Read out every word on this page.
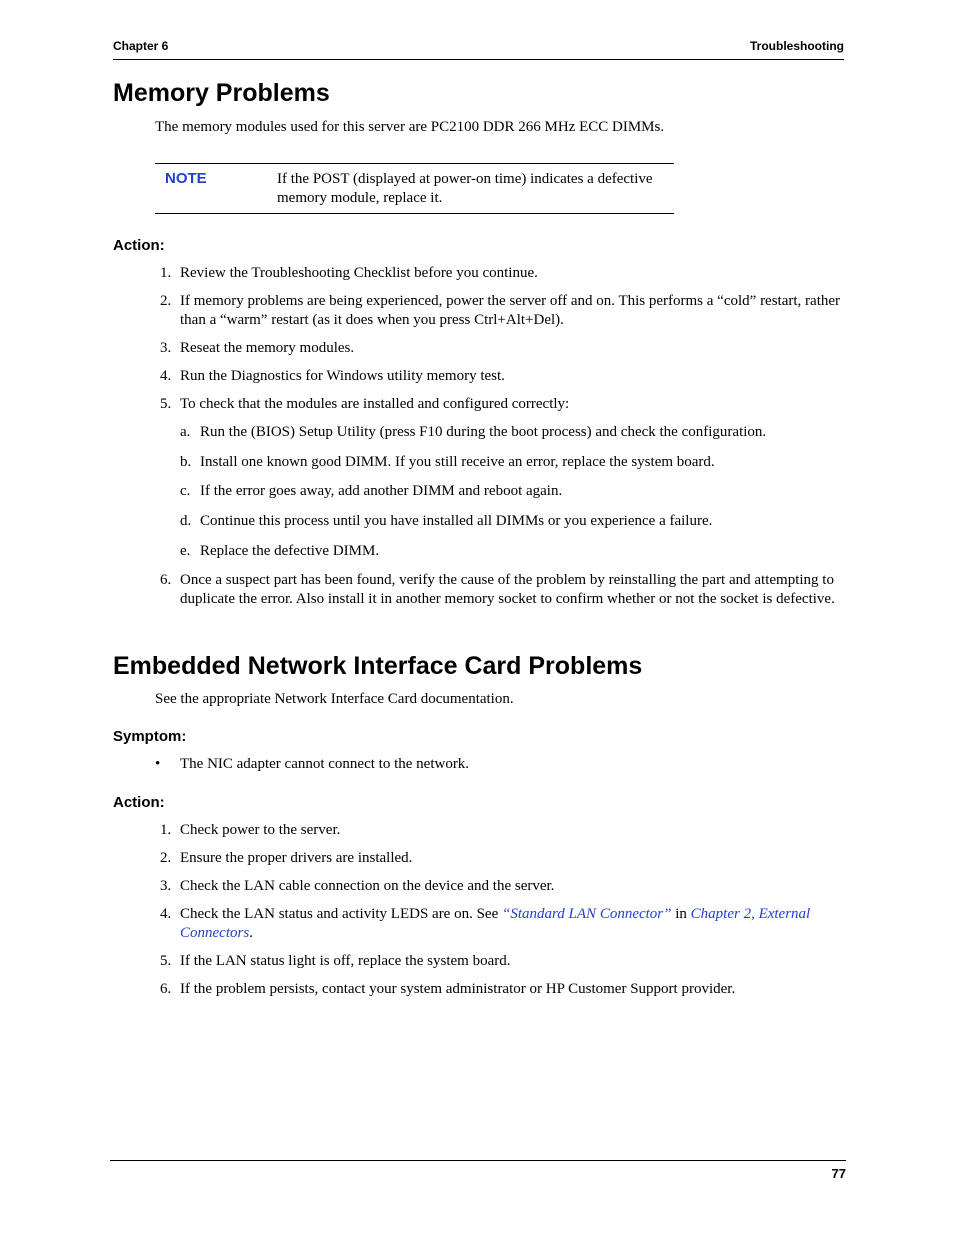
Chapter 6	Troubleshooting
Memory Problems
The memory modules used for this server are PC2100 DDR 266 MHz ECC DIMMs.
NOTE	If the POST (displayed at power-on time) indicates a defective memory module, replace it.
Action:
1. Review the Troubleshooting Checklist before you continue.
2. If memory problems are being experienced, power the server off and on. This performs a “cold” restart, rather than a “warm” restart (as it does when you press Ctrl+Alt+Del).
3. Reseat the memory modules.
4. Run the Diagnostics for Windows utility memory test.
5. To check that the modules are installed and configured correctly:
a. Run the (BIOS) Setup Utility (press F10 during the boot process) and check the configuration.
b. Install one known good DIMM. If you still receive an error, replace the system board.
c. If the error goes away, add another DIMM and reboot again.
d. Continue this process until you have installed all DIMMs or you experience a failure.
e. Replace the defective DIMM.
6. Once a suspect part has been found, verify the cause of the problem by reinstalling the part and attempting to duplicate the error. Also install it in another memory socket to confirm whether or not the socket is defective.
Embedded Network Interface Card Problems
See the appropriate Network Interface Card documentation.
Symptom:
• The NIC adapter cannot connect to the network.
Action:
1. Check power to the server.
2. Ensure the proper drivers are installed.
3. Check the LAN cable connection on the device and the server.
4. Check the LAN status and activity LEDS are on. See “Standard LAN Connector” in Chapter 2, External Connectors.
5. If the LAN status light is off, replace the system board.
6. If the problem persists, contact your system administrator or HP Customer Support provider.
77
